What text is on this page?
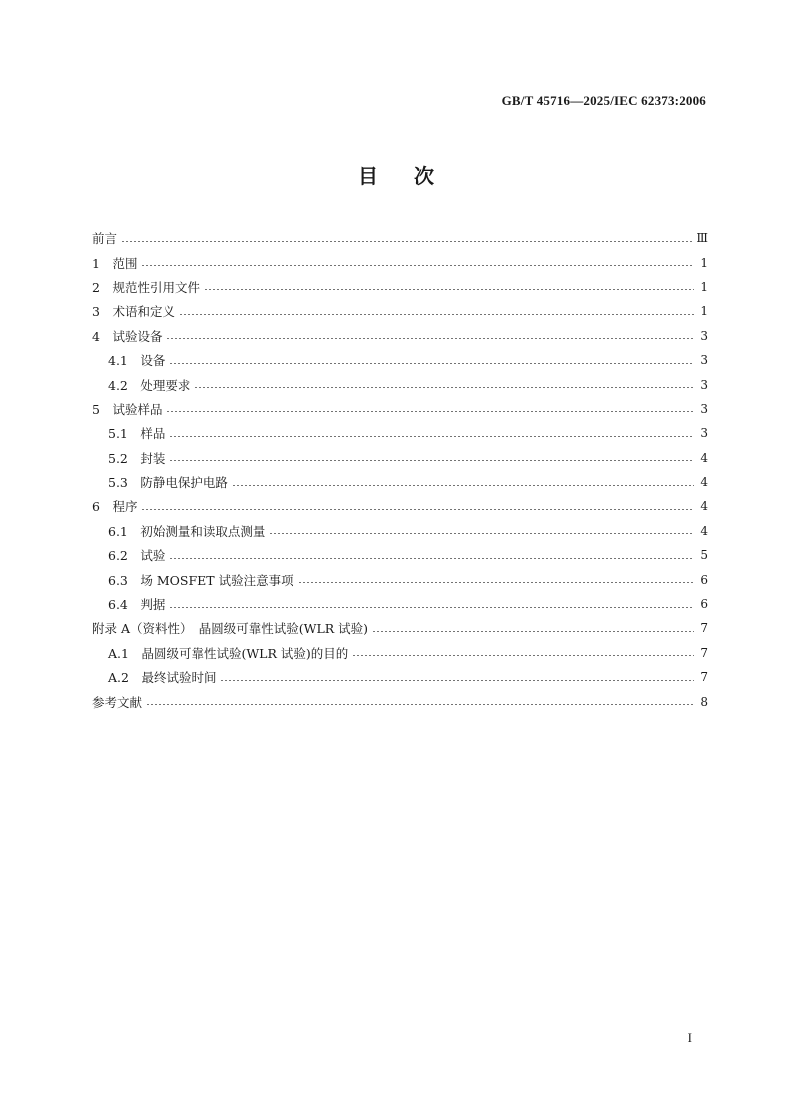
GB/T 45716—2025/IEC 62373:2006
目次
前言	Ⅲ
1　范围	1
2　规范性引用文件	1
3　术语和定义	1
4　试验设备	3
4.1　设备	3
4.2　处理要求	3
5　试验样品	3
5.1　样品	3
5.2　封装	4
5.3　防静电保护电路	4
6　程序	4
6.1　初始测量和读取点测量	4
6.2　试验	5
6.3　场 MOSFET 试验注意事项	6
6.4　判据	6
附录 A（资料性）　晶圆级可靠性试验(WLR 试验)	7
A.1　晶圆级可靠性试验(WLR 试验)的目的	7
A.2　最终试验时间	7
参考文献	8
I
